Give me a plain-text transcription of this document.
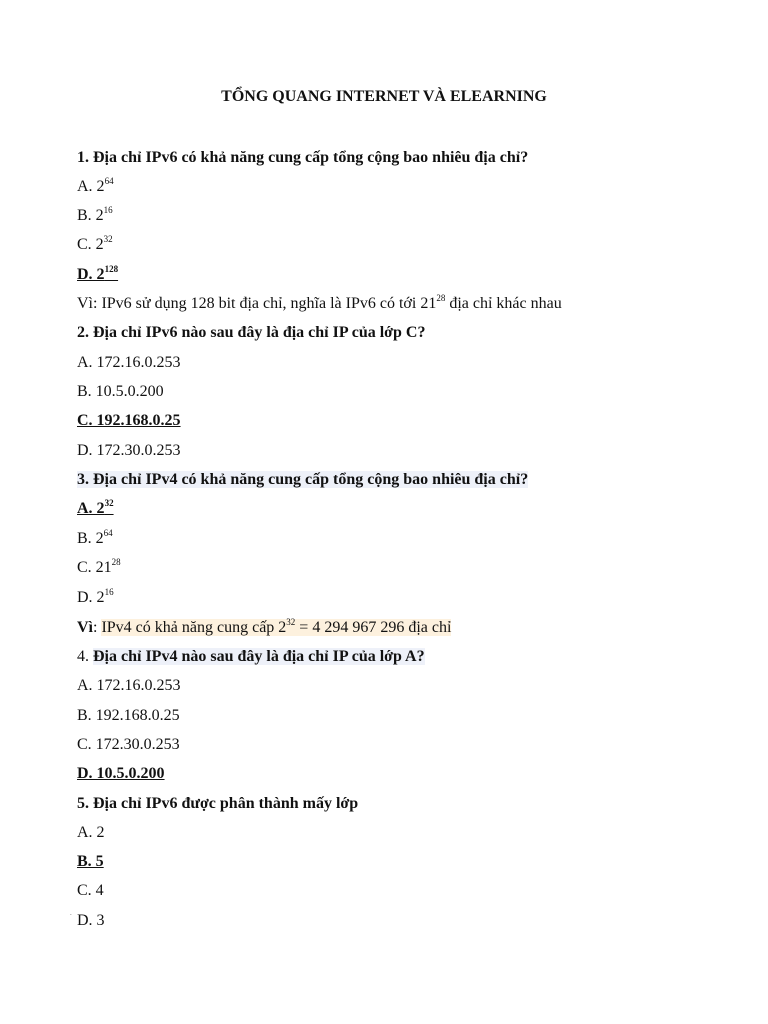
TỔNG QUANG INTERNET VÀ ELEARNING
1. Địa chỉ IPv6 có khả năng cung cấp tổng cộng bao nhiêu địa chỉ?
A. $2^{64}$
B. $2^{16}$
C. $2^{32}$
D. $2^{128}$
Vì: IPv6 sử dụng 128 bit địa chỉ, nghĩa là IPv6 có tới $21^{28}$ địa chỉ khác nhau
2. Địa chỉ IPv6 nào sau đây là địa chỉ IP của lớp C?
A. 172.16.0.253
B. 10.5.0.200
C. 192.168.0.25
D. 172.30.0.253
3. Địa chỉ IPv4 có khả năng cung cấp tổng cộng bao nhiêu địa chỉ?
A. $2^{32}$
B. $2^{64}$
C. $21^{28}$
D. $2^{16}$
Vì: IPv4 có khả năng cung cấp $2^{32} = 4$ 294 967 296 địa chỉ
4. Địa chỉ IPv4 nào sau đây là địa chỉ IP của lớp A?
A. 172.16.0.253
B. 192.168.0.25
C. 172.30.0.253
D. 10.5.0.200
5. Địa chỉ IPv6 được phân thành mấy lớp
A. 2
B. 5
C. 4
. D. 3
